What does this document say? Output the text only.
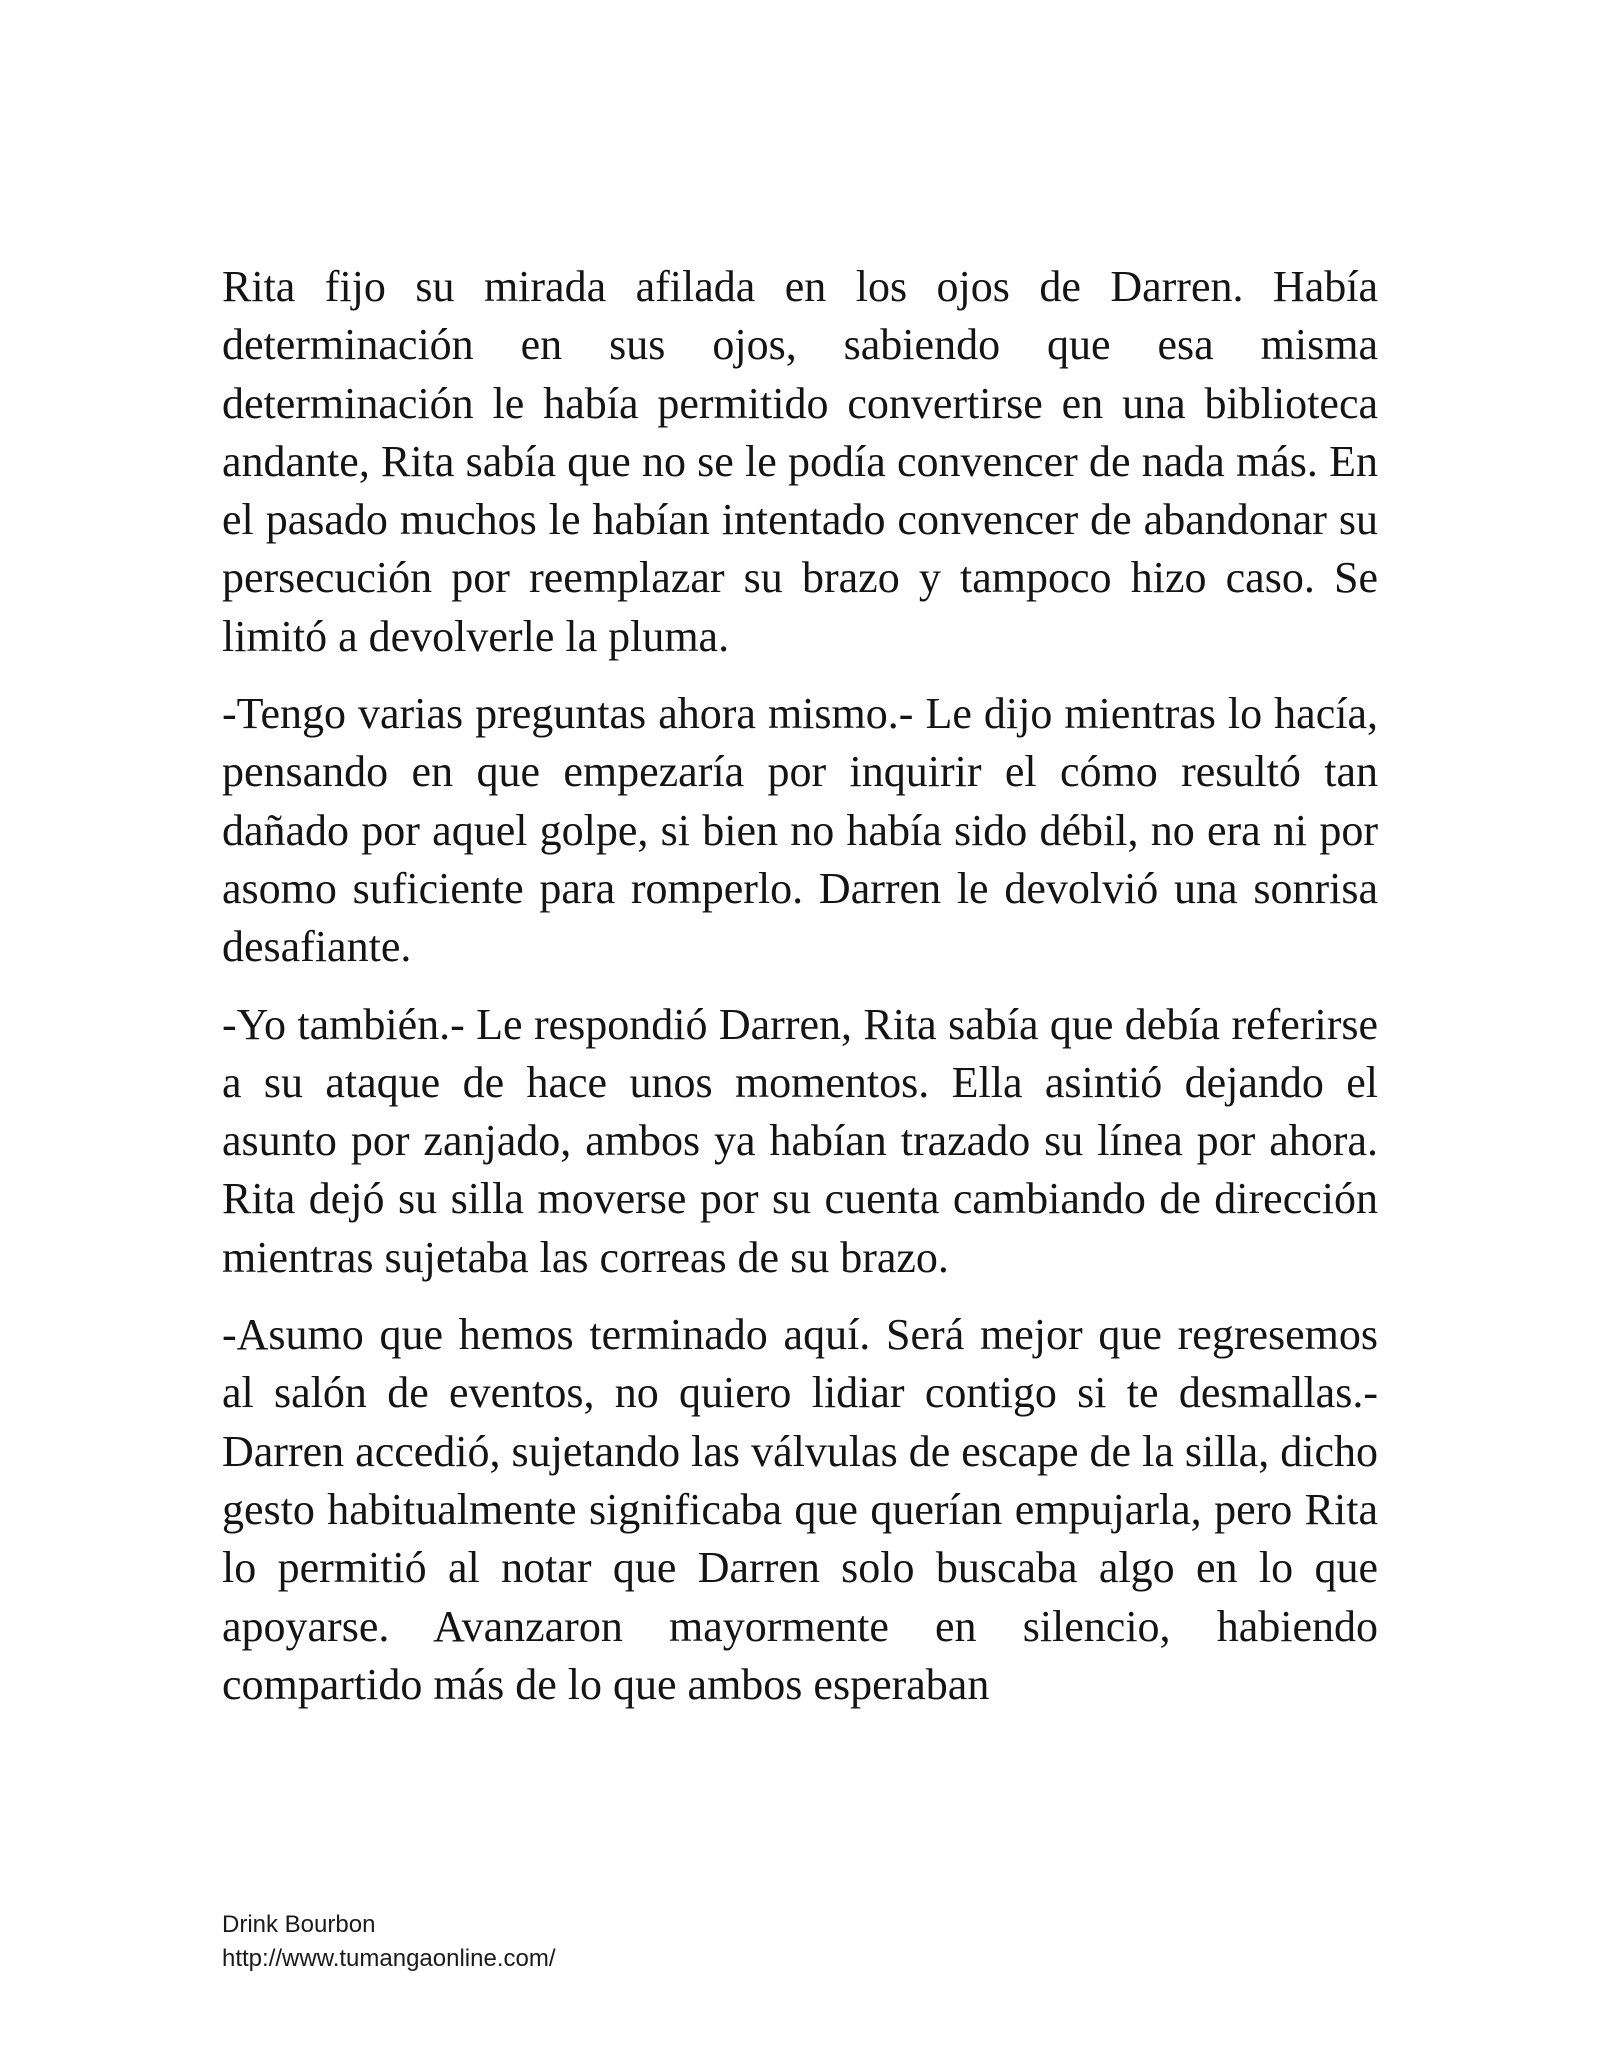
Rita fijo su mirada afilada en los ojos de Darren. Había determinación en sus ojos, sabiendo que esa misma determinación le había permitido convertirse en una biblioteca andante, Rita sabía que no se le podía convencer de nada más. En el pasado muchos le habían intentado convencer de abandonar su persecución por reemplazar su brazo y tampoco hizo caso. Se limitó a devolverle la pluma.

-Tengo varias preguntas ahora mismo.- Le dijo mientras lo hacía, pensando en que empezaría por inquirir el cómo resultó tan dañado por aquel golpe, si bien no había sido débil, no era ni por asomo suficiente para romperlo. Darren le devolvió una sonrisa desafiante.

-Yo también.- Le respondió Darren, Rita sabía que debía referirse a su ataque de hace unos momentos. Ella asintió dejando el asunto por zanjado, ambos ya habían trazado su línea por ahora. Rita dejó su silla moverse por su cuenta cambiando de dirección mientras sujetaba las correas de su brazo.

-Asumo que hemos terminado aquí. Será mejor que regresemos al salón de eventos, no quiero lidiar contigo si te desmallas.-Darren accedió, sujetando las válvulas de escape de la silla, dicho gesto habitualmente significaba que querían empujarla, pero Rita lo permitió al notar que Darren solo buscaba algo en lo que apoyarse. Avanzaron mayormente en silencio, habiendo compartido más de lo que ambos esperaban

Drink Bourbon
http://www.tumangaonline.com/
